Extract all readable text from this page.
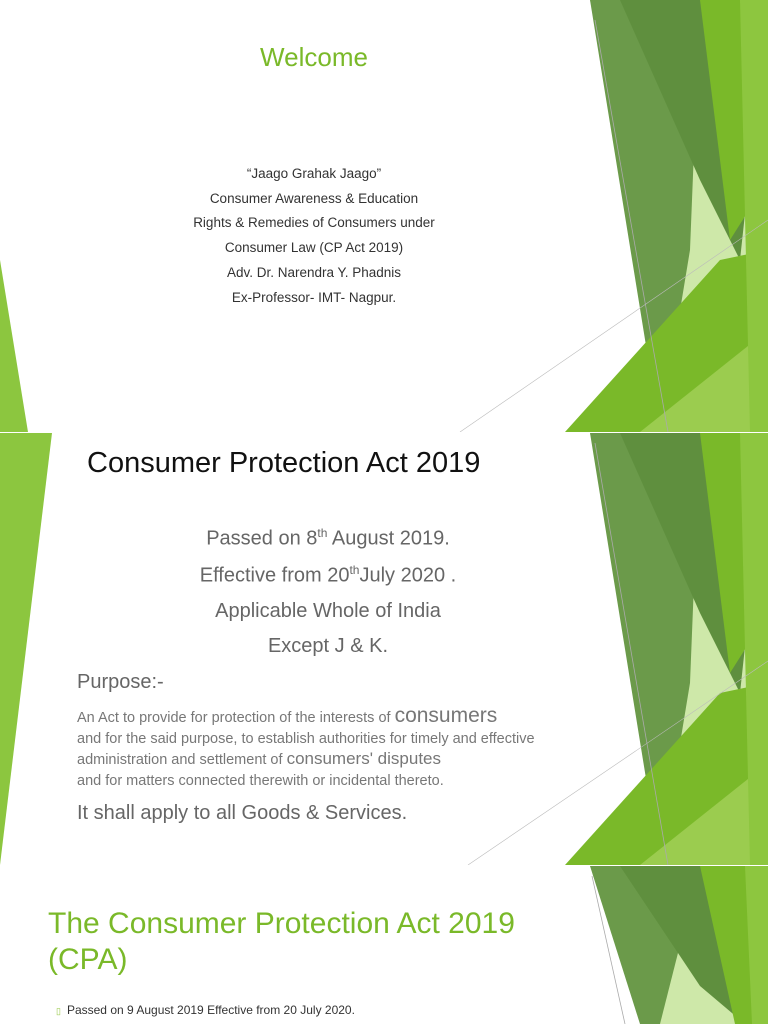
Welcome
“Jaago Grahak Jaago”
Consumer Awareness & Education
Rights & Remedies of Consumers under
Consumer Law (CP Act 2019)
Adv. Dr. Narendra Y. Phadnis
Ex-Professor- IMT- Nagpur.
Consumer Protection Act 2019
Passed on 8th August 2019.
Effective from 20thJuly 2020 .
Applicable Whole of India
Except J & K.
Purpose:-
An Act to provide for protection of the interests of consumers
and for the said purpose, to establish authorities for timely and effective administration and settlement of consumers' disputes
and for matters connected therewith or incidental thereto.
It shall apply to all Goods & Services.
The Consumer Protection Act 2019
(CPA)
▯ Passed on 9 August 2019 Effective from 20 July 2020.
